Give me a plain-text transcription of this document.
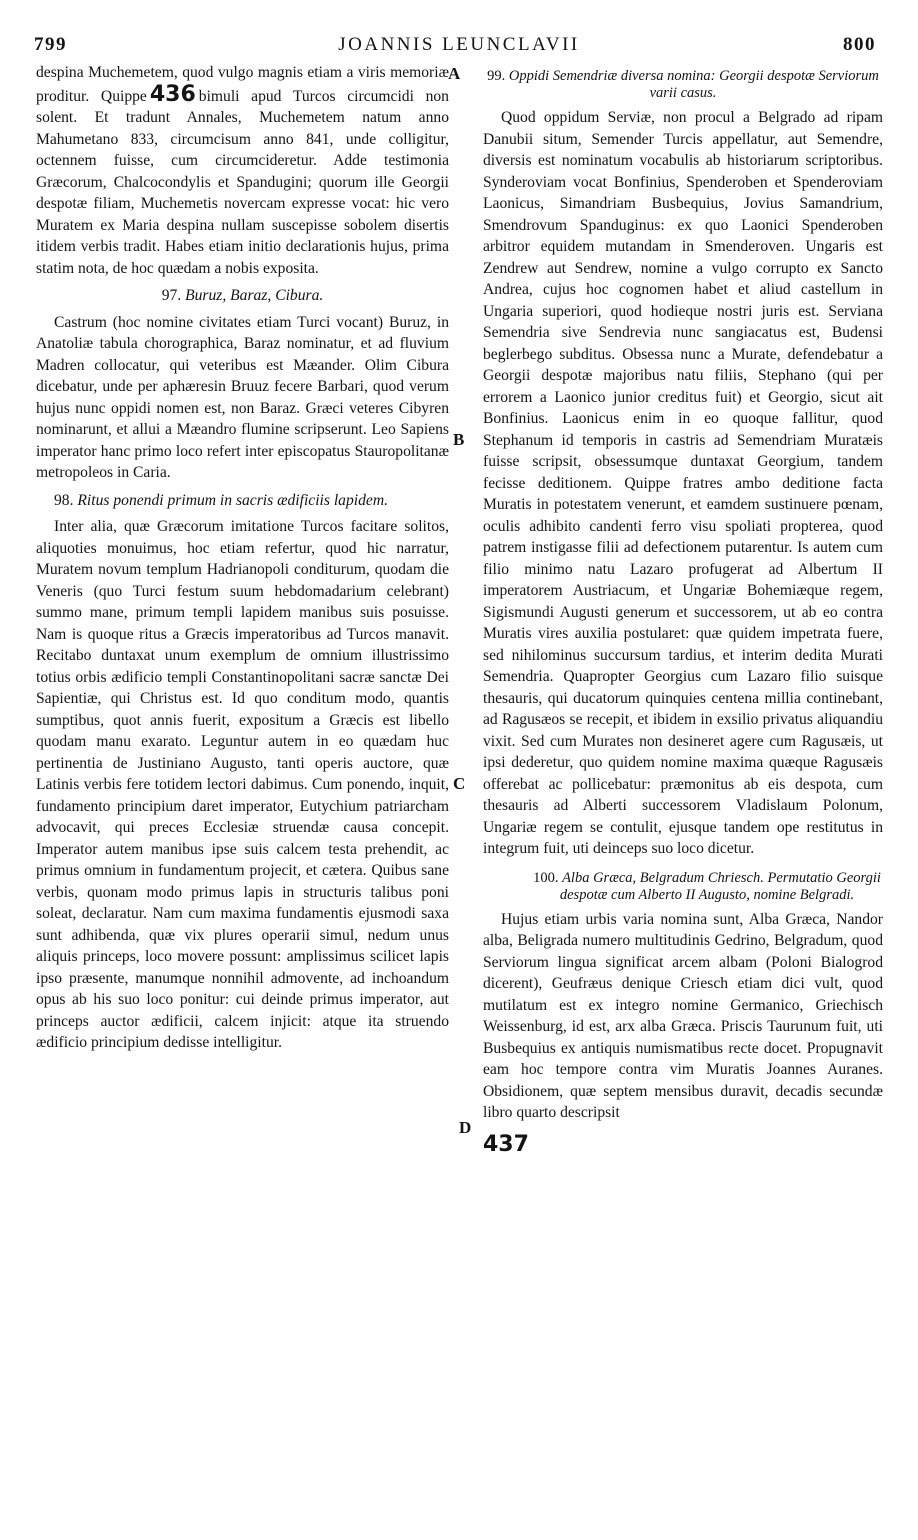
799	JOANNIS LEUNCLAVII	800

despina Muchemetem, quod vulgo magnis etiam a viris memoriæ proditur. Quippe 436 bimuli apud Turcos circumcidi non solent. Et tradunt Annales, Muchemetem natum anno Mahumetano 833, circumcisum anno 841, unde colligitur, octennem fuisse, cum circumcideretur. Adde testimonia Græcorum, Chalcocondylis et Spandugini; quorum ille Georgii despotæ filiam, Muchemetis novercam expresse vocat: hic vero Muratem ex Maria despina nullam suscepisse sobolem disertis itidem verbis tradit. Habes etiam initio declarationis hujus, prima statim nota, de hoc quædam a nobis exposita.

97. Buruz, Baraz, Cibura.

Castrum (hoc nomine civitates etiam Turci vocant) Buruz, in Anatoliæ tabula chorographica, Baraz nominatur, et ad fluvium Madren collocatur, qui veteribus est Mæander. Olim Cibura dicebatur, unde per aphæresin Bruuz fecere Barbari, quod verum hujus nunc oppidi nomen est, non Baraz. Græci veteres Cibyren nominarunt, et allui a Mæandro flumine scripserunt. Leo Sapiens imperator hanc primo loco refert inter episcopatus Stauropolitanæ metropoleos in Caria.

98. Ritus ponendi primum in sacris ædificiis lapidem.

Inter alia, quæ Græcorum imitatione Turcos facitare solitos, aliquoties monuimus, hoc etiam refertur, quod hic narratur, Muratem novum templum Hadrianopoli conditurum, quodam die Veneris (quo Turci festum suum hebdomadarium celebrant) summo mane, primum templi lapidem manibus suis posuisse. Nam is quoque ritus a Græcis imperatoribus ad Turcos manavit. Recitabo duntaxat unum exemplum de omnium illustrissimo totius orbis ædificio templi Constantinopolitani sacræ sanctæ Dei Sapientiæ, qui Christus est. Id quo conditum modo, quantis sumptibus, quot annis fuerit, expositum a Græcis est libello quodam manu exarato. Leguntur autem in eo quædam huc pertinentia de Justiniano Augusto, tanti operis auctore, quæ Latinis verbis fere totidem lectori dabimus. Cum ponendo, inquit, fundamento principium daret imperator, Eutychium patriarcham advocavit, qui preces Ecclesiæ struendæ causa concepit. Imperator autem manibus ipse suis calcem testa prehendit, ac primus omnium in fundamentum projecit, et cætera. Quibus sane verbis, quonam modo primus lapis in structuris talibus poni soleat, declaratur. Nam cum maxima fundamentis ejusmodi saxa sunt adhibenda, quæ vix plures operarii simul, nedum unus aliquis princeps, loco movere possunt: amplissimus scilicet lapis ipso præsente, manumque nonnihil admovente, ad inchoandum opus ab his suo loco ponitur: cui deinde primus imperator, aut princeps auctor ædificii, calcem injicit: atque ita struendo ædificio principium dedisse intelligitur.

A
B
C
D
99. Oppidi Semendriæ diversa nomina: Georgii despotæ Serviorum varii casus.

Quod oppidum Serviæ, non procul a Belgrado ad ripam Danubii situm, Semender Turcis appellatur, aut Semendre, diversis est nominatum vocabulis ab historiarum scriptoribus. Synderoviam vocat Bonfinius, Spenderoben et Spenderoviam Laonicus, Simandriam Busbequius, Jovius Samandrium, Smendrovum Spanduginus: ex quo Laonici Spenderoben arbitror equidem mutandam in Smenderoven. Ungaris est Zendrew aut Sendrew, nomine a vulgo corrupto ex Sancto Andrea, cujus hoc cognomen habet et aliud castellum in Ungaria superiori, quod hodieque nostri juris est. Serviana Semendria sive Sendrevia nunc sangiacatus est, Budensi beglerbego subditus. Obsessa nunc a Murate, defendebatur a Georgii despotæ majoribus natu filiis, Stephano (qui per errorem a Laonico junior creditus fuit) et Georgio, sicut ait Bonfinius. Laonicus enim in eo quoque fallitur, quod Stephanum id temporis in castris ad Semendriam Muratæis fuisse scripsit, obsessumque duntaxat Georgium, tandem fecisse deditionem. Quippe fratres ambo deditione facta Muratis in potestatem venerunt, et eamdem sustinuere pœnam, oculis adhibito candenti ferro visu spoliati propterea, quod patrem instigasse filii ad defectionem putarentur. Is autem cum filio minimo natu Lazaro profugerat ad Albertum II imperatorem Austriacum, et Ungariæ Bohemiæque regem, Sigismundi Augusti generum et successorem, ut ab eo contra Muratis vires auxilia postularet: quæ quidem impetrata fuere, sed nihilominus succursum tardius, et interim dedita Murati Semendria. Quapropter Georgius cum Lazaro filio suisque thesauris, qui ducatorum quinquies centena millia continebant, ad Ragusæos se recepit, et ibidem in exsilio privatus aliquandiu vixit. Sed cum Murates non desineret agere cum Ragusæis, ut ipsi dederetur, quo quidem nomine maxima quæque Ragusæis offerebat ac pollicebatur: præmonitus ab eis despota, cum thesauris ad Alberti successorem Vladislaum Polonum, Ungariæ regem se contulit, ejusque tandem ope restitutus in integrum fuit, uti deinceps suo loco dicetur.

100. Alba Græca, Belgradum Chriesch. Permutatio Georgii despotæ cum Alberto II Augusto, nomine Belgradi.

Hujus etiam urbis varia nomina sunt, Alba Græca, Nandor alba, Beligrada numero multitudinis Gedrino, Belgradum, quod Serviorum lingua significat arcem albam (Poloni Bialogrod dicerent), Geufræus denique Criesch etiam dici vult, quod mutilatum est ex integro nomine Germanico, Griechisch Weissenburg, id est, arx alba Græca. Priscis Taurunum fuit, uti Busbequius ex antiquis numismatibus recte docet. Propugnavit eam hoc tempore contra vim Muratis Joannes Auranes. Obsidionem, quæ septem mensibus duravit, decadis secundæ libro quarto descripsit

437
